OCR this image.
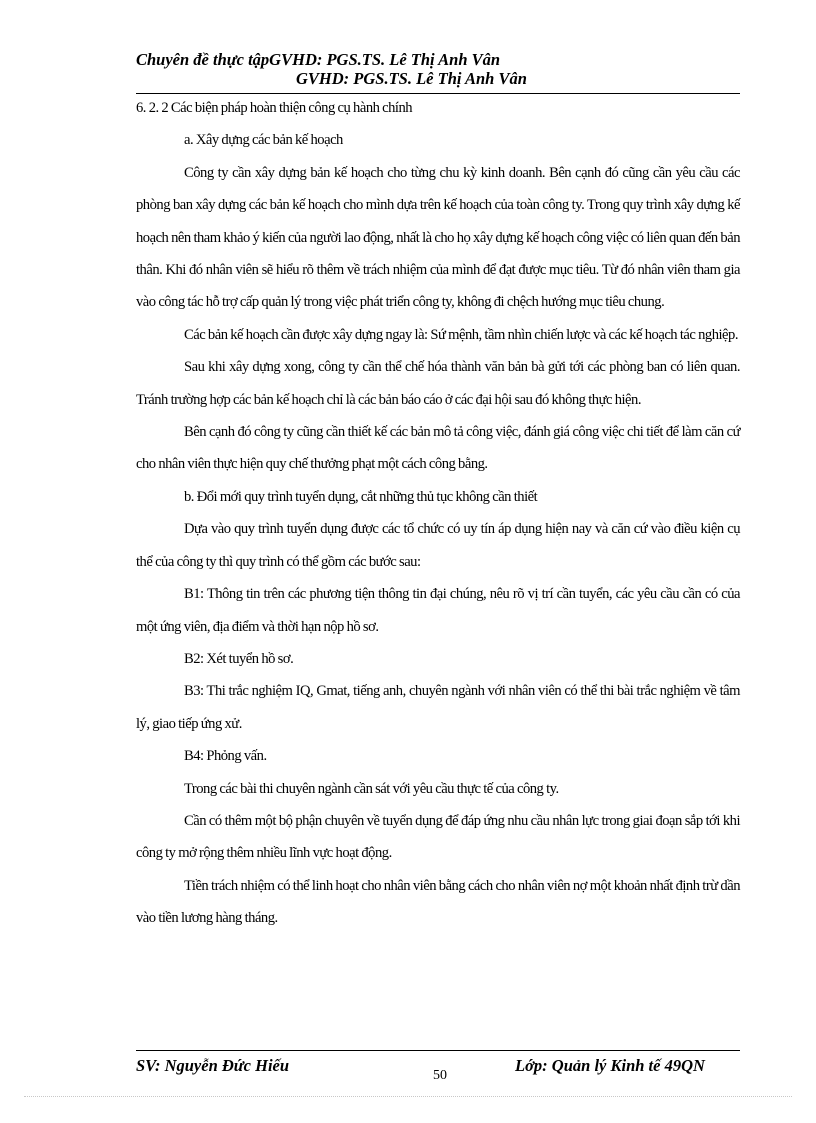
Chuyên đề thực tậpGVHD: PGS.TS. Lê Thị Anh Vân
GVHD: PGS.TS. Lê Thị Anh Vân

6. 2. 2 Các biện pháp hoàn thiện công cụ hành chính

a. Xây dựng các bản kế hoạch

Công ty cần xây dựng bản kế hoạch cho từng chu kỳ kinh doanh. Bên cạnh đó cũng cần yêu cầu các phòng ban xây dựng các bản kế hoạch cho mình dựa trên kế hoạch của toàn công ty. Trong quy trình xây dựng kế hoạch nên tham khảo ý kiến của người lao động, nhất là cho họ xây dựng kế hoạch công việc có liên quan đến bản thân. Khi đó nhân viên sẽ hiểu rõ thêm về trách nhiệm của mình để đạt được mục tiêu. Từ đó nhân viên tham gia vào công tác hỗ trợ cấp quản lý trong việc phát triển công ty, không đi chệch hướng mục tiêu chung.

Các bản kế hoạch cần được xây dựng ngay là: Sứ mệnh, tầm nhìn chiến lược và các kế hoạch tác nghiệp.

Sau khi xây dựng xong, công ty cần thể chế hóa thành văn bản bà gửi tới các phòng ban có liên quan. Tránh trường hợp các bản kế hoạch chỉ là các bản báo cáo ở các đại hội sau đó không thực hiện.

Bên cạnh đó công ty cũng cần thiết kế các bản mô tả công việc, đánh giá công việc chi tiết để làm căn cứ cho nhân viên thực hiện quy chế thưởng phạt một cách công bằng.

b. Đổi mới quy trình tuyển dụng, cắt những thủ tục không cần thiết

Dựa vào quy trình tuyển dụng được các tổ chức có uy tín áp dụng hiện nay và căn cứ vào điều kiện cụ thể của công ty thì quy trình có thể gồm các bước sau:

B1: Thông tin trên các phương tiện thông tin đại chúng, nêu rõ vị trí cần tuyển, các yêu cầu cần có của một ứng viên, địa điểm và thời hạn nộp hồ sơ.

B2: Xét tuyển hồ sơ.

B3: Thi trắc nghiệm IQ, Gmat, tiếng anh, chuyên ngành với nhân viên có thể thi bài trắc nghiệm về tâm lý, giao tiếp ứng xử.

B4: Phỏng vấn.

Trong các bài thi chuyên ngành cần sát với yêu cầu thực tế của công ty.

Cần có thêm một bộ phận chuyên về tuyển dụng để đáp ứng nhu cầu nhân lực trong giai đoạn sắp tới khi công ty mở rộng thêm nhiều lĩnh vực hoạt động.

Tiền trách nhiệm có thể linh hoạt cho nhân viên bằng cách cho nhân viên nợ một khoản nhất định trừ dần vào tiền lương hàng tháng.

SV: Nguyễn Đức Hiếu	Lớp: Quản lý Kinh tế 49QN
50
